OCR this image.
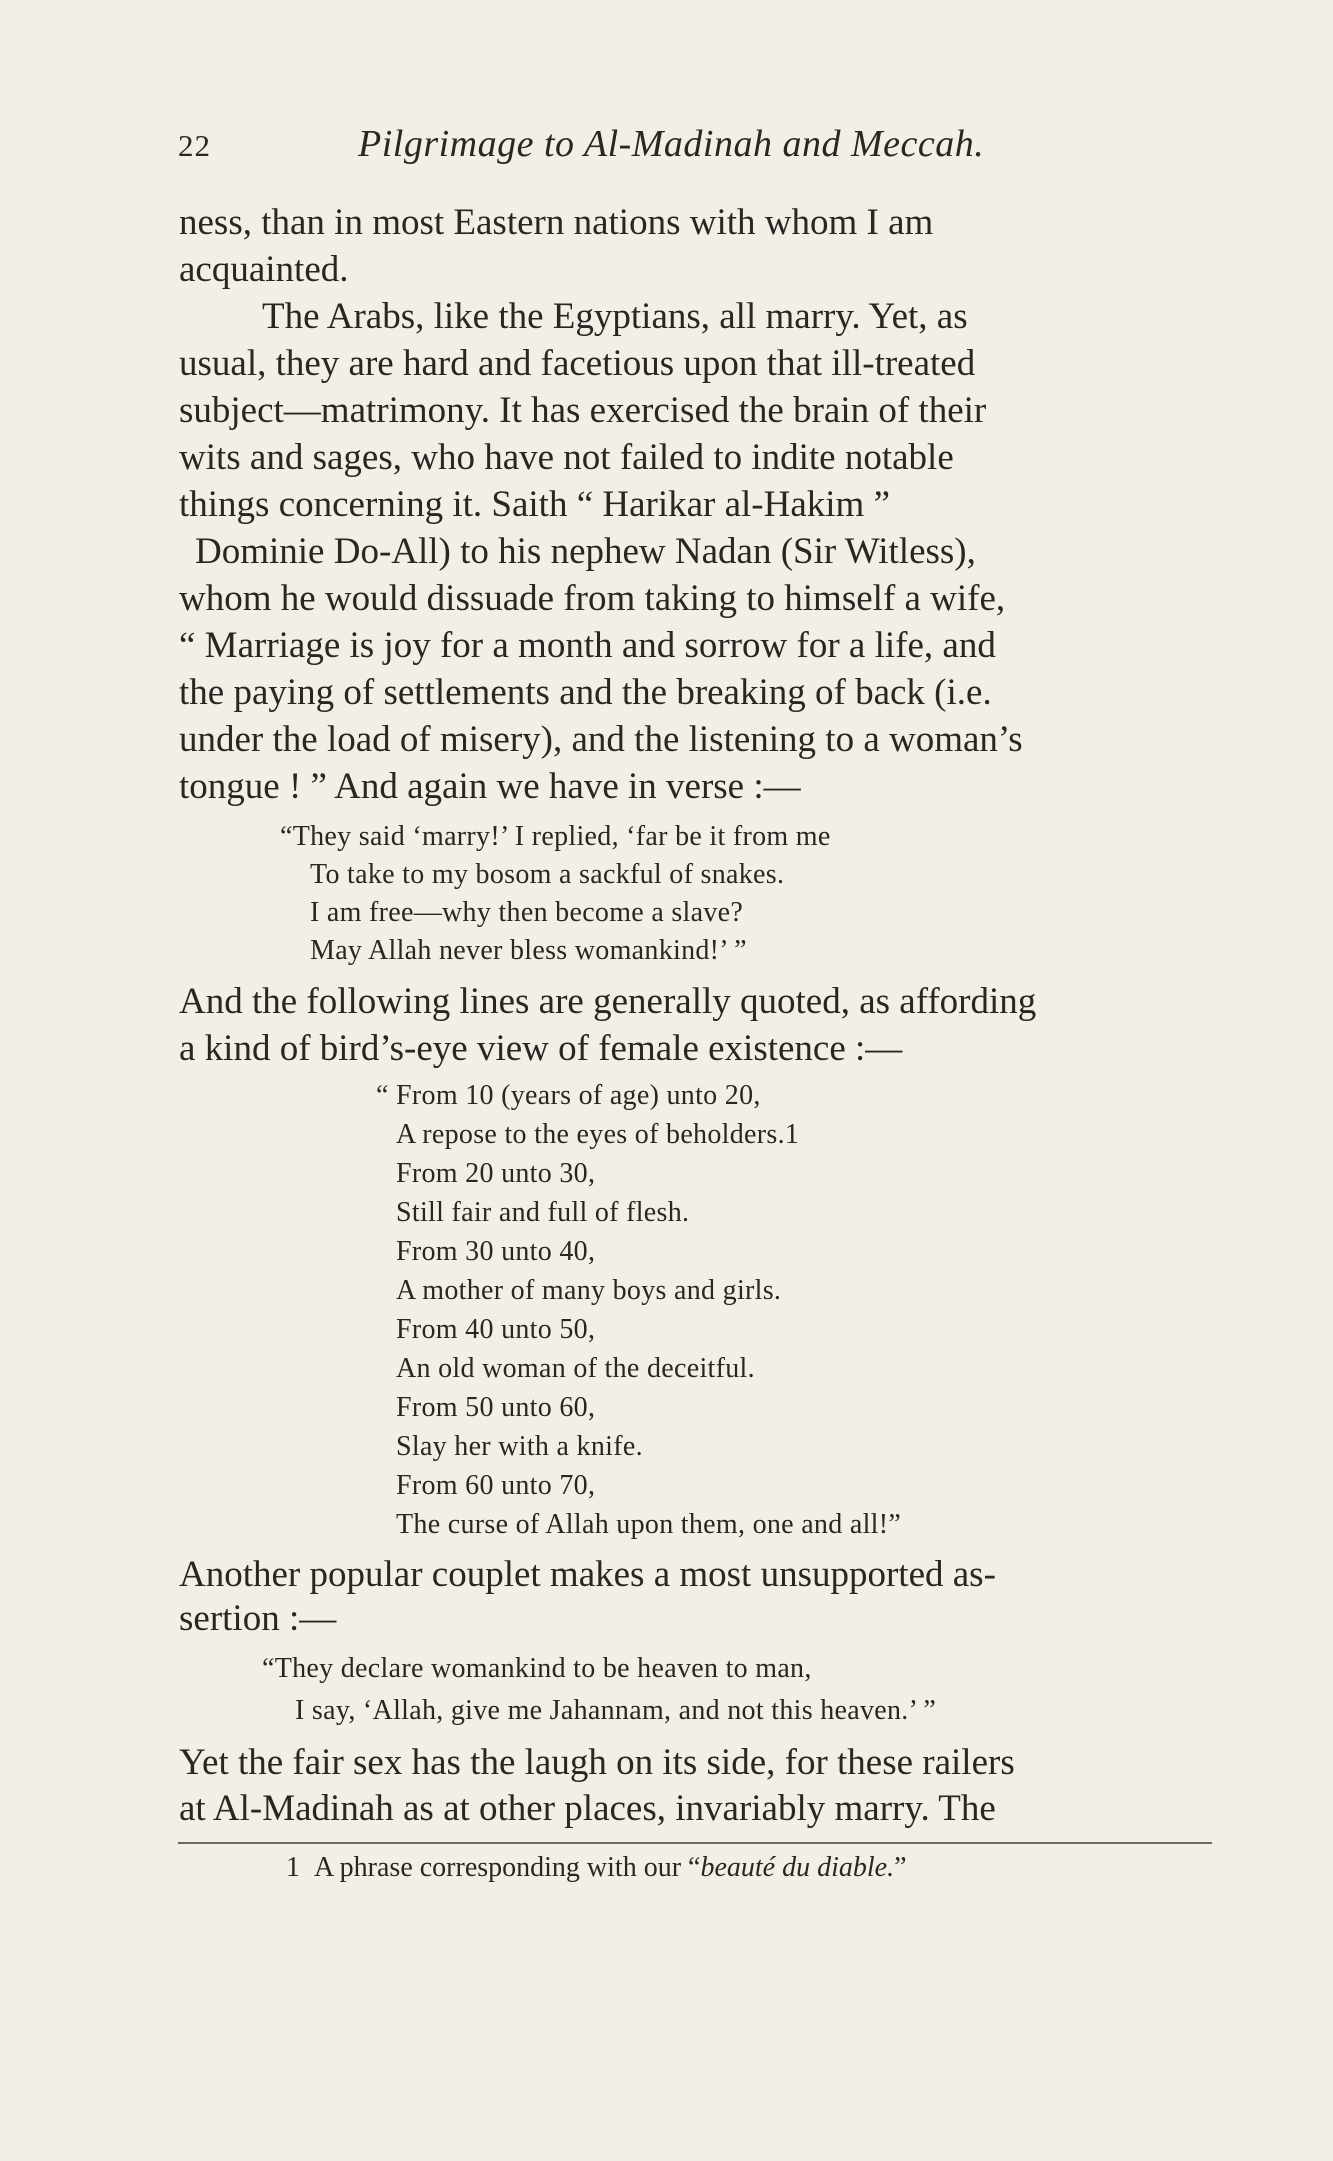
22	Pilgrimage to Al-Madinah and Meccah.
ness, than in most Eastern nations with whom I am
acquainted.
The Arabs, like the Egyptians, all marry. Yet, as
usual, they are hard and facetious upon that ill-treated
subject—matrimony. It has exercised the brain of their
wits and sages, who have not failed to indite notable
things concerning it. Saith “ Harikar al-Hakim ”
Dominie Do-All) to his nephew Nadan (Sir Witless),
whom he would dissuade from taking to himself a wife,
“ Marriage is joy for a month and sorrow for a life, and
the paying of settlements and the breaking of back (i.e.
under the load of misery), and the listening to a woman’s
tongue ! ” And again we have in verse :—
“They said ‘marry!’ I replied, ‘far be it from me
To take to my bosom a sackful of snakes.
I am free—why then become a slave?
May Allah never bless womankind!’ ”
And the following lines are generally quoted, as affording
a kind of bird’s-eye view of female existence :—
“ From 10 (years of age) unto 20,
A repose to the eyes of beholders.1
From 20 unto 30,
Still fair and full of flesh.
From 30 unto 40,
A mother of many boys and girls.
From 40 unto 50,
An old woman of the deceitful.
From 50 unto 60,
Slay her with a knife.
From 60 unto 70,
The curse of Allah upon them, one and all!”
Another popular couplet makes a most unsupported as-
sertion :—
“They declare womankind to be heaven to man,
I say, ‘Allah, give me Jahannam, and not this heaven.’ ”
Yet the fair sex has the laugh on its side, for these railers
at Al-Madinah as at other places, invariably marry. The
1 A phrase corresponding with our “beauté du diable.”
